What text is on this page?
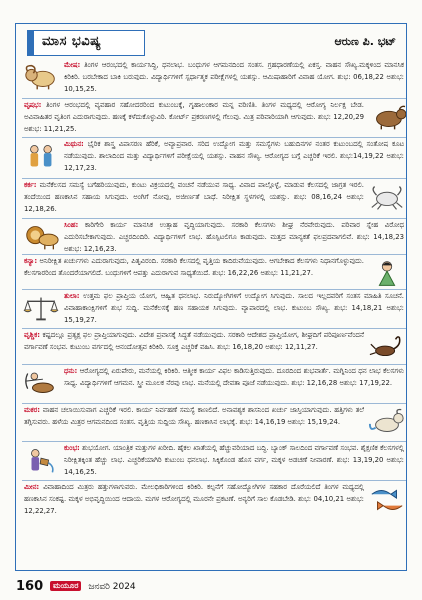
ಮಾಸ ಭವಿಷ್ಯ	ಆರುಣ ಪಿ. ಭಟ್
ಮೇಷ: ತಿಂಗಳ ಆರಂಭದಲ್ಲಿ ಕಾರ್ಯಸಿದ್ಧಿ, ಧನಲಾಭ. ಬಂಧುಗಳ ಆಗಮನದಿಂದ ಸಂತಸ. ಗ್ರಹಧಾರಣೆಯಲ್ಲಿ ಏಕಸ್ತ. ವಾಹನ ಸೌಖ್ಯ.ಮಕ್ಕಳಿಂದ ಮಾನಸಿಕ ಕಿರಿಕಿರಿ. ಬರಬೇಕಾದ ಬಾಕಿ ಬರುವುದು. ವಿದ್ಯಾರ್ಥಿಗಳಿಗೆ ಸ್ಪರ್ಧಾತ್ಮಕ ಪರೀಕ್ಷೆಗಳಲ್ಲಿ ಯಶಸ್ಸು. ಆಮಿಷಾಹಾರಿಗೆ ವಿವಾಹ ಯೋಗ. ಶುಭ: 06,18,22 ಅಶುಭ: 10,15,25.
ವೃಷಭ: ತಿಂಗಳ ಆರಂಭದಲ್ಲಿ ವ್ಯವಹಾರ ಸಹೋದರರಿಂದ ಕುಟುಂಬಕ್ಕೆ, ಗೃಹಾಲಂಕಾರ ಮನ್ನ ವರಿಣಿತಿ. ತಿಂಗಳ ಮಧ್ಯದಲ್ಲಿ ಆರೋಗ್ಯ ನಿರ್ಲಕ್ಷ ಬೇಡ. ಅವಿವಾಹಿತರ ವೃತಿಂಗ ಎದುರಾಗುವುದು. ಹಣಕ್ಕೆ ಕಳೆದುಕೊಳ್ಳುವಿರಿ. ಕೋರ್ಟ್ ಪ್ರಕರಣಗಳಲ್ಲಿ ಗೆಲುವು. ಮಿತ್ರ ಪರಿವಾರಿಯಾಗಿ ಆಗುವುದು. ಶುಭ: 12,20,29 ಅಶುಭ: 11,21,25.
ಮಿಥುನ: ಭೈರಿಕ ಶಾಸ್ತ್ರ ವಿಪಾಸರಣ ಹೆರಿಕೆ, ಅವ್ಯಾಪ್ರವಾರ. ಸರಿದ ಉದ್ಯೋಗ ಮತ್ತು ಸಮಸ್ಯೆಗಳು ಬಹುದಿನಗಳ ನಂತರ ಕುಟುಂಬದಲ್ಲಿ ಸಂತೋಷ ಕೂಟ ನಡೆಯುವುದು. ಶಾಲಾದಿಂದ ಮತ್ತು ವಿದ್ಯಾರ್ಥಿಗಳಿಗೆ ಪರೀಕ್ಷೆಯಲ್ಲಿ ಯಶಸ್ಸು. ವಾಹನ ಸೌಖ್ಯ. ಆರೋಗ್ಯದ ಬಗ್ಗೆ ಎಚ್ಚರಿಕೆ ಇರಲಿ. ಶುಭ:14,19,22 ಅಶುಭ: 12,17,23.
ಕರ್ಕ: ಮನೆಕೆಲಸದ ಸಮಸ್ಯೆ ಬಗೆಹರಿಯುವುದು, ಕುಂಟು ವಿಕ್ರಯದಲ್ಲಿ ವಂಚನೆ ನಡೆಯುವ ಸಾಧ್ಯ. ವಿವಾದ ಪಾಲ್ಗೊಳ್ಳೆ, ಮಾಡುವ ಕೆಲಸದಲ್ಲಿ ಜಾಗ್ರತ ಇರಲಿ. ತಂದೆಯಿಂದ ಹಣಕಾಸಿನ ಸಹಾಯ ಸಿಗುವುದು. ಅಂಗಿಗೆ ನೋವು, ಅಜೀರ್ಣತೆ ಬಾಧೆ. ನಿರೀಕ್ಷಿತ ಸ್ಥಳಗಳಲ್ಲಿ ಯಶಸ್ಸು. ಶುಭ: 08,16,24 ಅಶುಭ: 12,18,26.
ಸಿಂಹ: ಕಾರಿಗೇರಿ ಕಾರ್ಯ ಮಾನಸಿಕ ಉತ್ಸಾಹ ವೃದ್ಧಿಯಾಗುವುದು. ಸರಕಾರಿ ಕೆಲಸಗಳು ಶೀಘ್ರ ನೆರವೇರುವುದು. ಪರಿವಾರ ಸ್ನೇಹ ವಿರೋಧ ಎದುರಿಸಬೇಕಾಗುವುದು. ಎಚ್ಚರದಿಂದಿರಿ. ವಿದ್ಯಾರ್ಥಿಗಳಿಗೆ ಲಾಭ. ಹೊಸ್ಪಿಟಲಿಗೂ ಕಾಡುವುದು. ಮತ್ತದ ಮಾನ್ಯಕತೆ ಫಲಪ್ರದವಾಗಲಿವೆ. ಶುಭ: 14,18,23 ಅಶುಭ: 12,16,23.
ಕನ್ಯಾ: ಅನಿರೀಕ್ಷಿತ ಖರ್ಚುಗಳು ಎದುರಾಗುವುದು, ಪಿತೃವಿರಂದಿ. ಸರಕಾರಿ ಕೆಲಸದಲ್ಲಿ ವೃತ್ತಿಯ ಕಾದಿರುವೆಯುವುದು. ಆಗಬೇಕಾದ ಕೆಲಸಗಳು ನಿಧಾನಗೊಳ್ಳುವುದು. ಕೆಲಸಗಾರರಿಂದ ತೊಂದರೆಯಾಗಲಿದೆ. ಬಂಧುಗಳಿಗೆ ಆಪತ್ತು ಎದುರಾಗುವ ಸಾಧ್ಯತೆಯಿದೆ. ಶುಭ: 16,22,26 ಅಶುಭ: 11,21,27.
ತುಲಾ: ಉತ್ತಮ ಫಲ ಪ್ರಾಪ್ತಿಯ ಯೋಗ, ಆಹ್ವಿತ ಧನಲಾಭ. ನಿರುದ್ಯೋಗಿಗಳಿಗೆ ಉದ್ಯೋಗ ಸಿಗುವುದು. ಸಾಲದ ಇಲ್ಲದವರಿಗೆ ಸಂತಸ ಮಾಹಿತಿ ಸೂಚನೆ. ವಿವಾಹಾಕಾಂಕ್ಷಿಗಳಿಗೆ ಶುಭ ಸುದ್ದಿ. ಮನೆಕೆಲಸಕ್ಕೆ ಹಣ ಸಹಾಯಕ ಸಿಗುವುದು. ವ್ಯಾಪಾರದಲ್ಲಿ ಲಾಭ. ಕುಟುಂಬ ಸೌಖ್ಯ. ಶುಭ: 14,18,21 ಅಶುಭ: 15,19,27.
ವೃಶ್ಚಿಕ: ಕಷ್ಟದಲ್ಲೂ ಪ್ರತ್ಯಕ್ಷ ಫಲ ಪ್ರಾಪ್ತಿಯಾಗುವುದು. ವಿದೇಶ ಪ್ರವಾಸಕ್ಕೆ ಸಿದ್ಧತೆ ನಡೆಯುವುದು. ಸರಕಾರಿ ಆದೇಶದ ಪ್ರಾಪ್ತಿಯೋಗ, ಶೀಘ್ರದಿಗೆ ಪರಿಪೂರ್ಣವೆಂದನೆ ವರ್ಗಾವಣೆ ಸಂಭವ. ಕುಟುಂಬ ವರ್ಗದಲ್ಲಿ ಆನಂದೋತ್ಸವ ಕಿರಿಕಿರಿ. ಸೂಕ್ತ ಎಚ್ಚರಿಕೆ ವಹಿಸಿ. ಶುಭ: 16,18,20 ಅಶುಭ: 12,11,27.
ಧನು: ಆರೋಗ್ಯದಲ್ಲಿ ಏರುಪೇರು, ಮನೆಯಲ್ಲಿ ಕಿರಿಕಿರಿ. ಆತ್ಮೀಕ ಕಾರ್ಯ ವಿಫಲ ಕಾಡಿಸುತ್ತಿರುವುದು. ದೂರದಿಂದ ಶುಭವಾರ್ತೆ. ಮಗ್ನಿನಿಂದ ಧನ ಲಾಭ ಕೆಲಸಗಳು ಸಾಧ್ಯ. ವಿದ್ಯಾರ್ಥಿಗಳಿಗೆ ಆಗಮನ. ಸ್ತ್ರೀ ಮೂಲಕ ನೆರವು ಲಾಭ. ಮನೆಯಲ್ಲಿ ದೇವತಾ ಪೂಜೆ ನಡೆಯುವುದು. ಶುಭ: 12,16,28 ಅಶುಭ: 17,19,22.
ಮಕರ: ವಾಹನ ಚಲಾಯಿಸುವಾಗ ಎಚ್ಚರಿಕೆ ಇರಲಿ. ಕಾರ್ಯ ನಿರ್ವಹಣೆ ಸಮಸ್ಯೆ ಕಾಣಲಿದೆ. ಅನಾವಶ್ಯಕ ಶಾಸನಿಂದ ಖರ್ಚು ಜಾಸ್ತಿಯಾಗುವುದು. ಹತ್ತಿಗಳು ತಲೆ ತಗ್ಗಿಸುವರು. ಹಳೆಯ ಮಿತ್ರರ ಆಗಮನದಿಂದ ಸಂತಸ. ವೃತ್ತಿಯ ಸುದ್ದಿಯ ಸೌಖ್ಯ. ಹಣಕಾಸಿನ ಲಾಭಕ್ಕೆ. ಶುಭ: 14,16,19 ಅಶುಭ: 15,19,24.
ಕುಂಭ: ಶುಭಯೋಗ. ಯಾಂತ್ರಿಕ ಮತ್ತುಗಳ ಖರೀದಿ. ಹೈಕಲ ಖಾತೆಯಲ್ಲಿ ಹೆಚ್ಚುವರಿಯಾದ ಬದ್ಧಿ. ಬ್ಯಾಂಕ್ ಸಾಲದಿಂದ ವರ್ಗಾವಣೆ ಸಂಭವ. ಶೈಕ್ಷಣಿಕ ಕೆಲಸಗಳಲ್ಲಿ ನಿರೀಕ್ಷಿತಕ್ಕಿಂತ ಹೆಚ್ಚು ಲಾಭ. ಎಚ್ಚರಿಕೆಯಾಗಿರಿ ಕುಟುಂಬ ಧನಲಾಭ. ಸಿಕ್ಕಿಕೊಂಡ ಹೊಸ ವರ್ಗ, ಮಕ್ಕಳ ಅಡಚಣೆ ನೀವಾರಣೆ. ಶುಭ: 13,19,20 ಅಶುಭ: 14,16,25.
ಮೀನ: ವಿವಾಹಾದಿಂದ ಮಿತ್ರರು ಹತ್ತುಗಳಾಗುವರು. ಮೇಲಧಿಕಾರಿಗಳಿಂದ ಕಿರಿಕಿರಿ. ಕಲ್ಪನೆಗೆ ಸಹೋದ್ಯೋಗಿಗಳ ಸಹಕಾರ ದೊರೆಯಲಿದೆ ತಿಂಗಳ ಮಧ್ಯದಲ್ಲಿ ಹಣಕಾಸಿನ ಸಂಕಷ್ಟ. ಮಕ್ಕಳ ಅಭಿವೃದ್ಧಿಯಿಂದ ಆದಾಯ. ಮಗಳ ಆರೋಗ್ಯದಲ್ಲಿ ಮೂರನೇ ಪ್ರಕಟಣೆ. ಅನ್ಯರಿಗೆ ಸಾಲ ಕೊಡಬೇಡಿ. ಶುಭ: 04,10,21 ಅಶುಭ: 12,22,27.
160 ಮಯೂರ ಜನವರಿ 2024
